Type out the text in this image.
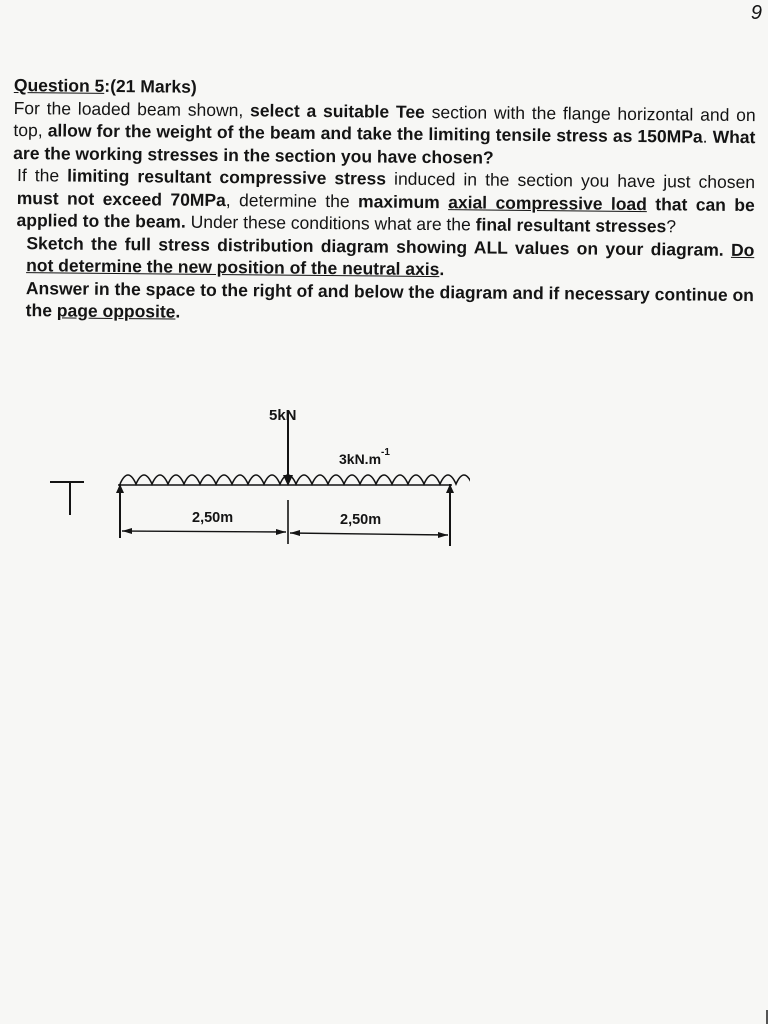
9

Question 5:(21 Marks)

For the loaded beam shown, select a suitable Tee section with the flange horizontal and on top, allow for the weight of the beam and take the limiting tensile stress as 150MPa. What are the working stresses in the section you have chosen?

If the limiting resultant compressive stress induced in the section you have just chosen must not exceed 70MPa, determine the maximum axial compressive load that can be applied to the beam. Under these conditions what are the final resultant stresses?

Sketch the full stress distribution diagram showing ALL values on your diagram. Do not determine the new position of the neutral axis.

Answer in the space to the right of and below the diagram and if necessary continue on the page opposite.

5kN
$3kN.m^{-1}$
2,50m	2,50m
